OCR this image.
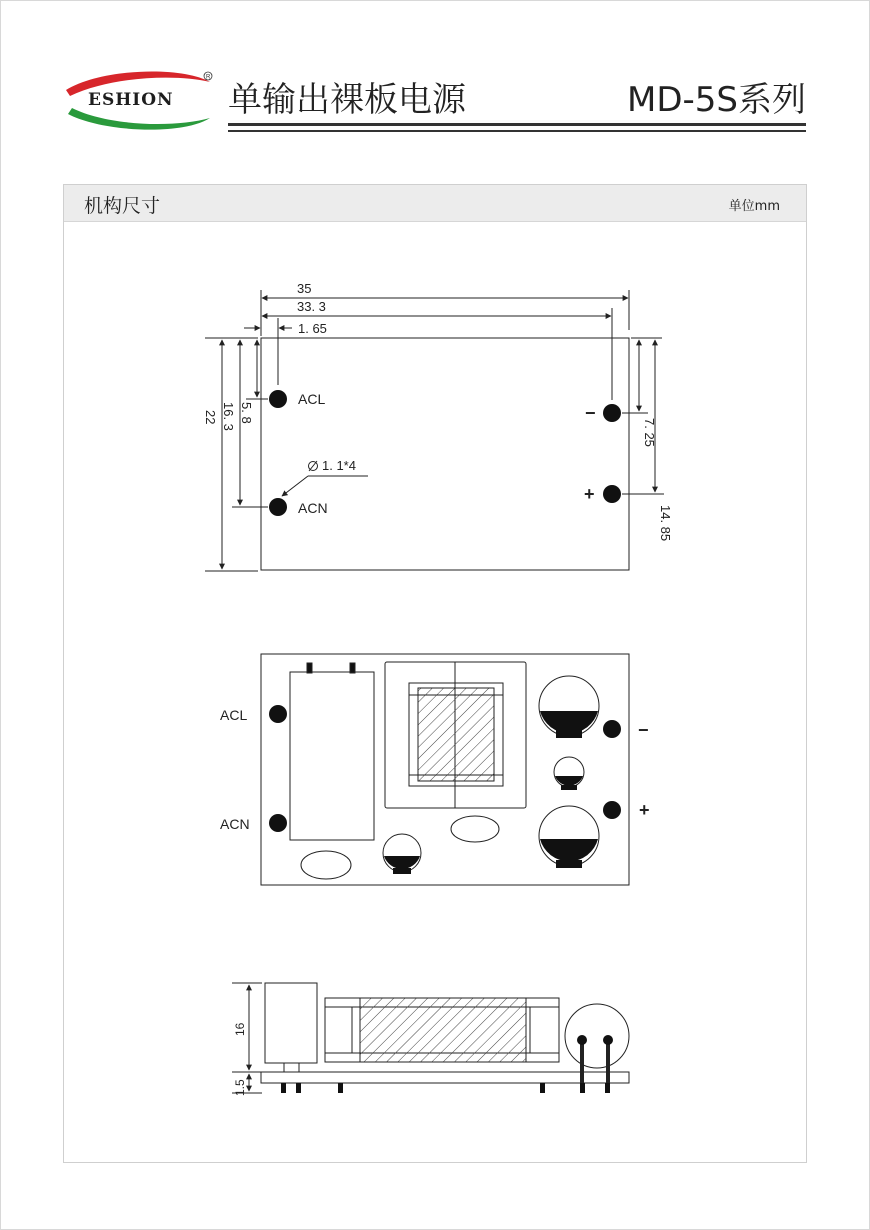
R
ESHION 单输出裸板电源	MD-5S系列
机构尺寸	单位mm
35
33. 3
1. 65
1. 1*4
22 16. 3 5. 8
7. 25
14. 85
ACL
ACN
−
+
ACL
ACN
−
+
16
1.5
